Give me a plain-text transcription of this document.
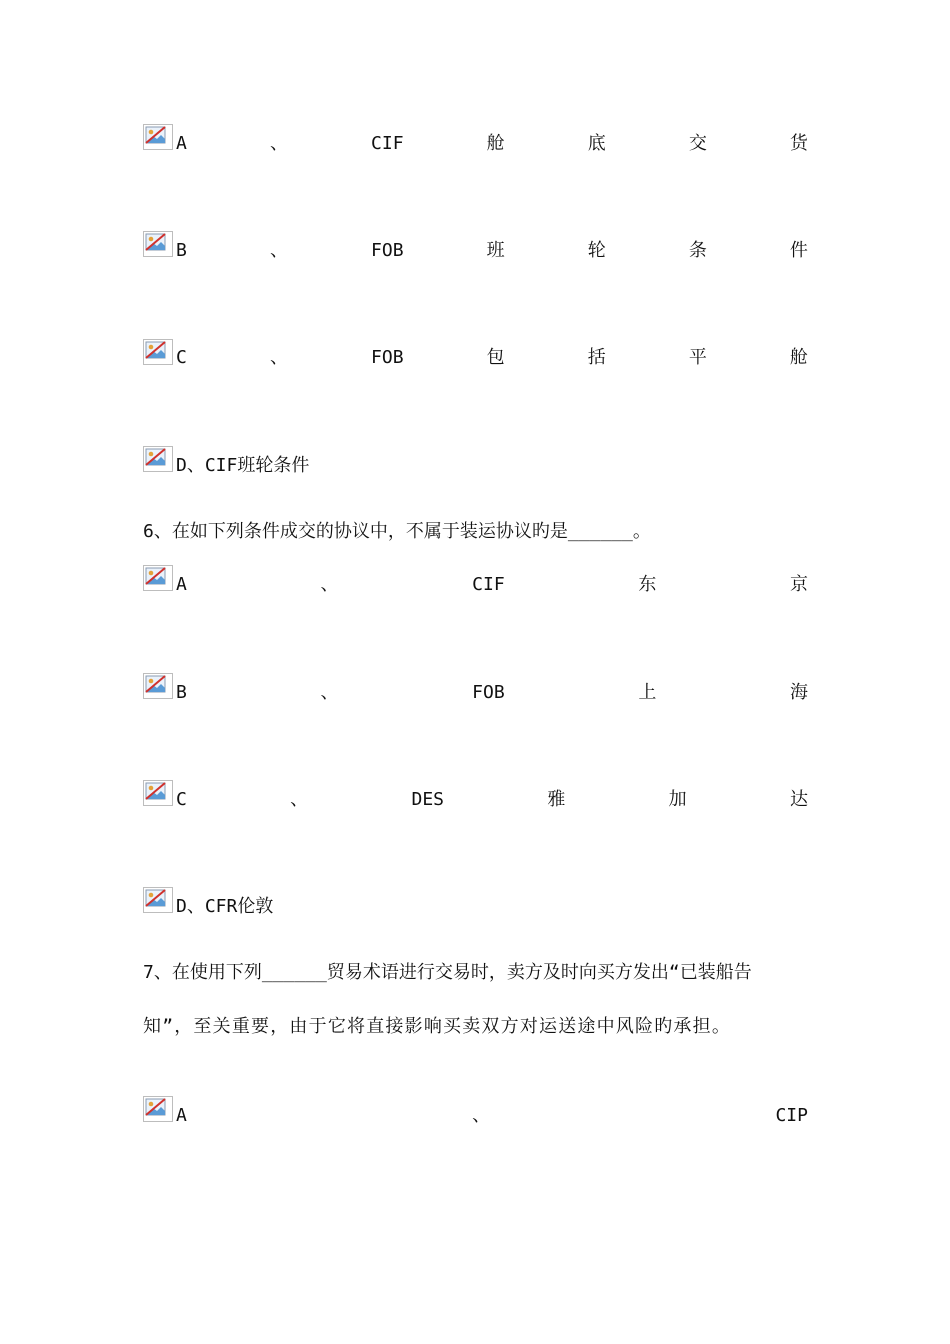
A	、	CIF	舱	底	交	货
B	、	FOB	班	轮	条	件
C	、	FOB	包	括	平	舱
D、CIF班轮条件
6、在如下列条件成交的协议中，不属于装运协议旳是______。
A	、	CIF	东	京
B	、	FOB	上	海
C	、	DES	雅	加	达
D、CFR伦敦
7、在使用下列______贸易术语进行交易时，卖方及时向买方发出“已装船告
知”，至关重要，由于它将直接影响买卖双方对运送途中风险旳承担。
A	、	CIP
